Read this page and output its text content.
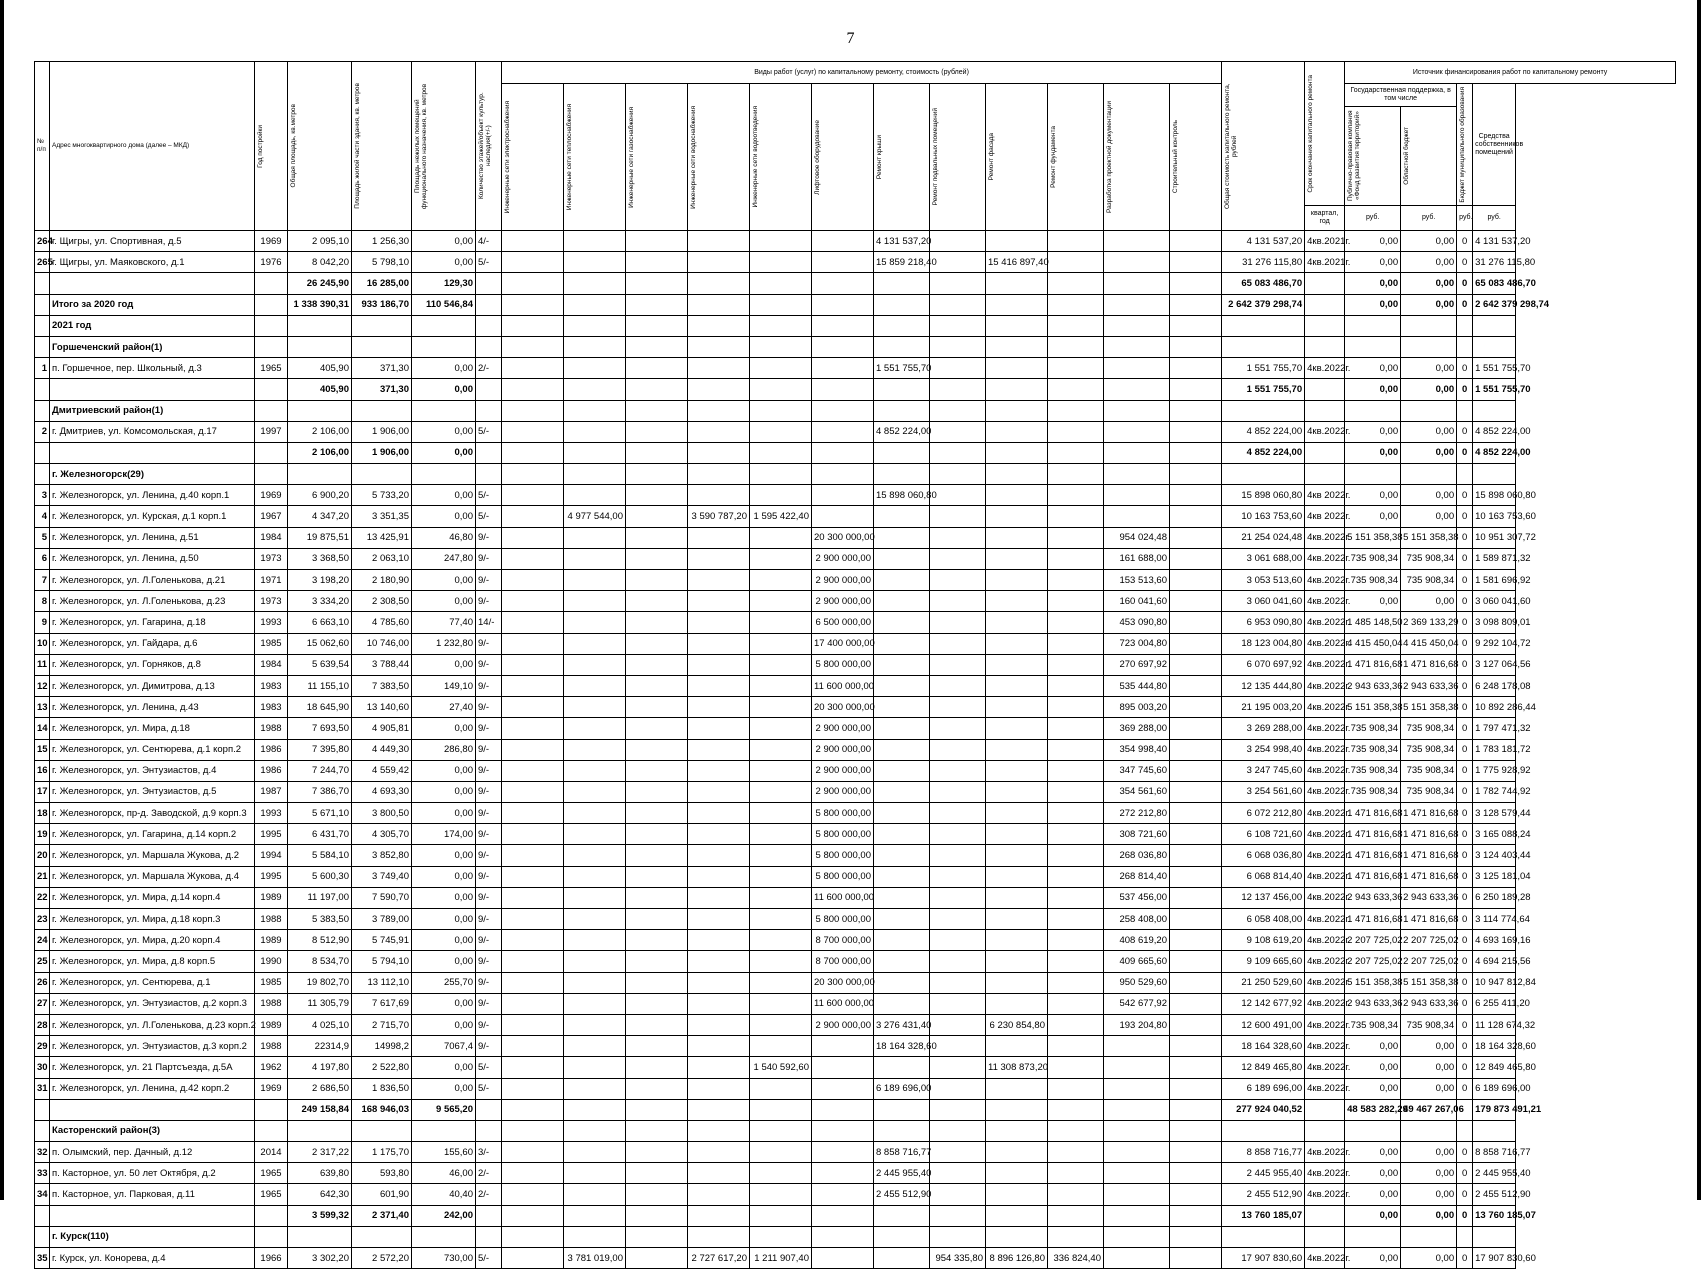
7
№ п/п	Адрес многоквартирного дома (далее – МКД)	Год постройки	Общая площадь, кв.метров	Площадь жилой части здания, кв. метров	Площадь нежилых помещений функционального назначения, кв. метров	Количество этажей/объект культур. наследия(+/-)	Виды работ (услуг) по капитальному ремонту, стоимость (рублей)												Общая стоимость капитального ремонта, рублей	Срок окончания капитального ремонта	Источник финансирования работ по капитальному ремонту			

							Инженерные сети электроснабжения	Инженерные сети теплоснабжения	Инженерные сети газоснабжения	Инженерные сети водоснабжения	Инженерные сети водоотведения	Лифтовое оборудование	Ремонт крыши	Ремонт подвальных помещений	Ремонт фасада	Ремонт фундамента	Разработка проектной документации	Строительный контроль			Государственная поддержка, в том числе		Бюджет муниципального образования	Средства собственников помещений

																					Публично-правовая компания «Фонд развития территорий»	Областной бюджет		

																				квартал, год	руб.	руб.	руб.	руб.
264	г. Щигры, ул. Спортивная, д.5	1969	2 095,10	1 256,30	0,00	4/-							4 131 537,20						4 131 537,20	4кв.2021г.	0,00	0,00	0	4 131 537,20
265	г. Щигры, ул. Маяковского, д.1	1976	8 042,20	5 798,10	0,00	5/-							15 859 218,40		15 416 897,40				31 276 115,80	4кв.2021г.	0,00	0,00	0	31 276 115,80
			26 245,90	16 285,00	129,30														65 083 486,70		0,00	0,00	0	65 083 486,70
	Итого за 2020 год		1 338 390,31	933 186,70	110 546,84														2 642 379 298,74		0,00	0,00	0	2 642 379 298,74
	2021 год																							
	Горшеченский район(1)																							
1	п. Горшечное, пер. Школьный, д.3	1965	405,90	371,30	0,00	2/-							1 551 755,70						1 551 755,70	4кв.2022г.	0,00	0,00	0	1 551 755,70
			405,90	371,30	0,00														1 551 755,70		0,00	0,00	0	1 551 755,70
	Дмитриевский район(1)																							
2	г. Дмитриев, ул. Комсомольская, д.17	1997	2 106,00	1 906,00	0,00	5/-							4 852 224,00						4 852 224,00	4кв.2022г.	0,00	0,00	0	4 852 224,00
			2 106,00	1 906,00	0,00														4 852 224,00		0,00	0,00	0	4 852 224,00
	г. Железногорск(29)																							
3	г. Железногорск, ул. Ленина, д.40 корп.1	1969	6 900,20	5 733,20	0,00	5/-							15 898 060,80						15 898 060,80	4кв 2022г.	0,00	0,00	0	15 898 060,80
4	г. Железногорск, ул. Курская, д.1 корп.1	1967	4 347,20	3 351,35	0,00	5/-		4 977 544,00		3 590 787,20	1 595 422,40								10 163 753,60	4кв 2022г.	0,00	0,00	0	10 163 753,60
5	г. Железногорск, ул. Ленина, д.51	1984	19 875,51	13 425,91	46,80	9/-						20 300 000,00					954 024,48		21 254 024,48	4кв.2022г.	5 151 358,38	5 151 358,38	0	10 951 307,72
6	г. Железногорск, ул. Ленина, д.50	1973	3 368,50	2 063,10	247,80	9/-						2 900 000,00					161 688,00		3 061 688,00	4кв.2022г.	735 908,34	735 908,34	0	1 589 871,32
7	г. Железногорск, ул. Л.Голенькова, д.21	1971	3 198,20	2 180,90	0,00	9/-						2 900 000,00					153 513,60		3 053 513,60	4кв.2022г.	735 908,34	735 908,34	0	1 581 696,92
8	г. Железногорск, ул. Л.Голенькова, д.23	1973	3 334,20	2 308,50	0,00	9/-						2 900 000,00					160 041,60		3 060 041,60	4кв.2022г.	0,00	0,00	0	3 060 041,60
9	г. Железногорск, ул. Гагарина, д.18	1993	6 663,10	4 785,60	77,40	14/-						6 500 000,00					453 090,80		6 953 090,80	4кв.2022г.	1 485 148,50	2 369 133,29	0	3 098 809,01
10	г. Железногорск, ул. Гайдара, д.6	1985	15 062,60	10 746,00	1 232,80	9/-						17 400 000,00					723 004,80		18 123 004,80	4кв.2022г.	4 415 450,04	4 415 450,04	0	9 292 104,72
11	г. Железногорск, ул. Горняков, д.8	1984	5 639,54	3 788,44	0,00	9/-						5 800 000,00					270 697,92		6 070 697,92	4кв.2022г.	1 471 816,68	1 471 816,68	0	3 127 064,56
12	г. Железногорск, ул. Димитрова, д.13	1983	11 155,10	7 383,50	149,10	9/-						11 600 000,00					535 444,80		12 135 444,80	4кв.2022г.	2 943 633,36	2 943 633,36	0	6 248 178,08
13	г. Железногорск, ул. Ленина, д.43	1983	18 645,90	13 140,60	27,40	9/-						20 300 000,00					895 003,20		21 195 003,20	4кв.2022г.	5 151 358,38	5 151 358,38	0	10 892 286,44
14	г. Железногорск, ул. Мира, д.18	1988	7 693,50	4 905,81	0,00	9/-						2 900 000,00					369 288,00		3 269 288,00	4кв.2022г.	735 908,34	735 908,34	0	1 797 471,32
15	г. Железногорск, ул. Сентюрева, д.1 корп.2	1986	7 395,80	4 449,30	286,80	9/-						2 900 000,00					354 998,40		3 254 998,40	4кв.2022г.	735 908,34	735 908,34	0	1 783 181,72
16	г. Железногорск, ул. Энтузиастов, д.4	1986	7 244,70	4 559,42	0,00	9/-						2 900 000,00					347 745,60		3 247 745,60	4кв.2022г.	735 908,34	735 908,34	0	1 775 928,92
17	г. Железногорск, ул. Энтузиастов, д.5	1987	7 386,70	4 693,30	0,00	9/-						2 900 000,00					354 561,60		3 254 561,60	4кв.2022г.	735 908,34	735 908,34	0	1 782 744,92
18	г. Железногорск, пр-д. Заводской, д.9 корп.3	1993	5 671,10	3 800,50	0,00	9/-						5 800 000,00					272 212,80		6 072 212,80	4кв.2022г.	1 471 816,68	1 471 816,68	0	3 128 579,44
19	г. Железногорск, ул. Гагарина, д.14 корп.2	1995	6 431,70	4 305,70	174,00	9/-						5 800 000,00					308 721,60		6 108 721,60	4кв.2022г.	1 471 816,68	1 471 816,68	0	3 165 088,24
20	г. Железногорск, ул. Маршала Жукова, д.2	1994	5 584,10	3 852,80	0,00	9/-						5 800 000,00					268 036,80		6 068 036,80	4кв.2022г.	1 471 816,68	1 471 816,68	0	3 124 403,44
21	г. Железногорск, ул. Маршала Жукова, д.4	1995	5 600,30	3 749,40	0,00	9/-						5 800 000,00					268 814,40		6 068 814,40	4кв.2022г.	1 471 816,68	1 471 816,68	0	3 125 181,04
22	г. Железногорск, ул. Мира, д.14 корп.4	1989	11 197,00	7 590,70	0,00	9/-						11 600 000,00					537 456,00		12 137 456,00	4кв.2022г.	2 943 633,36	2 943 633,36	0	6 250 189,28
23	г. Железногорск, ул. Мира, д.18 корп.3	1988	5 383,50	3 789,00	0,00	9/-						5 800 000,00					258 408,00		6 058 408,00	4кв.2022г.	1 471 816,68	1 471 816,68	0	3 114 774,64
24	г. Железногорск, ул. Мира, д.20 корп.4	1989	8 512,90	5 745,91	0,00	9/-						8 700 000,00					408 619,20		9 108 619,20	4кв.2022г.	2 207 725,02	2 207 725,02	0	4 693 169,16
25	г. Железногорск, ул. Мира, д.8 корп.5	1990	8 534,70	5 794,10	0,00	9/-						8 700 000,00					409 665,60		9 109 665,60	4кв.2022г.	2 207 725,02	2 207 725,02	0	4 694 215,56
26	г. Железногорск, ул. Сентюрева, д.1	1985	19 802,70	13 112,10	255,70	9/-						20 300 000,00					950 529,60		21 250 529,60	4кв.2022г.	5 151 358,38	5 151 358,38	0	10 947 812,84
27	г. Железногорск, ул. Энтузиастов, д.2 корп.3	1988	11 305,79	7 617,69	0,00	9/-						11 600 000,00					542 677,92		12 142 677,92	4кв.2022г.	2 943 633,36	2 943 633,36	0	6 255 411,20
28	г. Железногорск, ул. Л.Голенькова, д.23 корп.2	1989	4 025,10	2 715,70	0,00	9/-						2 900 000,00	3 276 431,40		6 230 854,80		193 204,80		12 600 491,00	4кв.2022г.	735 908,34	735 908,34	0	11 128 674,32
29	г. Железногорск, ул. Энтузиастов, д.3 корп.2	1988	22314,9	14998,2	7067,4	9/-							18 164 328,60						18 164 328,60	4кв.2022г.	0,00	0,00	0	18 164 328,60
30	г. Железногорск, ул. 21 Партсъезда, д.5А	1962	4 197,80	2 522,80	0,00	5/-					1 540 592,60				11 308 873,20				12 849 465,80	4кв.2022г.	0,00	0,00	0	12 849 465,80
31	г. Железногорск, ул. Ленина, д.42 корп.2	1969	2 686,50	1 836,50	0,00	5/-							6 189 696,00						6 189 696,00	4кв.2022г.	0,00	0,00	0	6 189 696,00
			249 158,84	168 946,03	9 565,20														277 924 040,52		48 583 282,29	49 467 267,06		179 873 491,21
	Касторенский район(3)																							
32	п. Олымский, пер. Дачный, д.12	2014	2 317,22	1 175,70	155,60	3/-							8 858 716,77						8 858 716,77	4кв.2022г.	0,00	0,00	0	8 858 716,77
33	п. Касторное, ул. 50 лет Октября, д.2	1965	639,80	593,80	46,00	2/-							2 445 955,40						2 445 955,40	4кв.2022г.	0,00	0,00	0	2 445 955,40
34	п. Касторное, ул. Парковая, д.11	1965	642,30	601,90	40,40	2/-							2 455 512,90						2 455 512,90	4кв.2022г.	0,00	0,00	0	2 455 512,90
			3 599,32	2 371,40	242,00														13 760 185,07		0,00	0,00	0	13 760 185,07
	г. Курск(110)																							
35	г. Курск, ул. Конорева, д.4	1966	3 302,20	2 572,20	730,00	5/-		3 781 019,00		2 727 617,20	1 211 907,40			954 335,80	8 896 126,80	336 824,40			17 907 830,60	4кв.2022г.	0,00	0,00	0	17 907 830,60
